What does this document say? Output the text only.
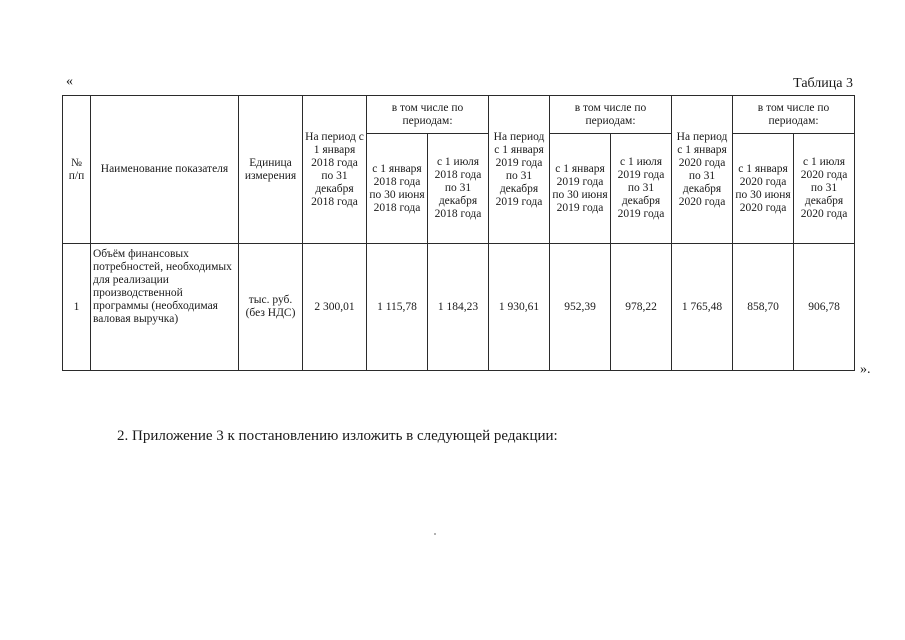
«	Таблица 3
№ п/п	Наименование показателя	Единица измерения	На период с 1 января 2018 года по 31 декабря 2018 года	в том числе по периодам:		На период с 1 января 2019 года по 31 декабря 2019 года	в том числе по периодам:		На период с 1 января 2020 года по 31 декабря 2020 года	в том числе по периодам:		
				с 1 января 2018 года по 30 июня 2018 года	с 1 июля 2018 года по 31 декабря 2018 года		с 1 января 2019 года по 30 июня 2019 года	с 1 июля 2019 года по 31 декабря 2019 года		с 1 января 2020 года по 30 июня 2020 года	с 1 июля 2020 года по 31 декабря 2020 года	
1	Объём финансовых потребностей, необходимых для реализации производственной программы (необходимая валовая выручка)	тыс. руб. (без НДС)	2 300,01	1 115,78	1 184,23	1 930,61	952,39	978,22	1 765,48	858,70	906,78	
».
2. Приложение 3 к постановлению изложить в следующей редакции:
